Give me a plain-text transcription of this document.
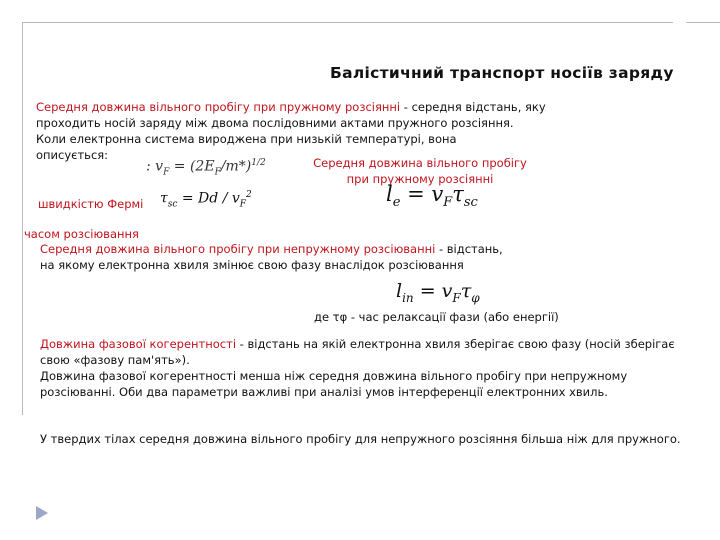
Балістичний транспорт носіїв заряду
Середня довжина вільного пробігу при пружному розсіянні - середня відстань, яку проходить носій заряду між двома послідовними актами пружного розсіяння.
Коли електронна система вироджена при низькій температурі, вона
описується:
: $v_F = (2E_F/m*)^{1/2}$	Середня довжина вільного пробігу
при пружному розсіянні
швидкістю Фермі $\tau_{sc} = Dd / v_F^2$	$l_e = v_F\tau_{sc}$
часом розсіювання
Середня довжина вільного пробігу при непружному розсіюванні - відстань, на якому електронна хвиля змінює свою фазу внаслідок розсіювання
$l_{in} = v_F\tau_\varphi$
де τφ - час релаксації фази (або енергії)
Довжина фазової когерентності - відстань на якій електронна хвиля зберігає свою фазу (носій зберігає свою «фазову пам'ять»).
Довжина фазової когерентності менша ніж середня довжина вільного пробігу при непружному розсіюванні. Оби два параметри важливі при аналізі умов інтерференції електронних хвиль.
У твердих тілах середня довжина вільного пробігу для непружного розсіяння більша ніж для пружного.
